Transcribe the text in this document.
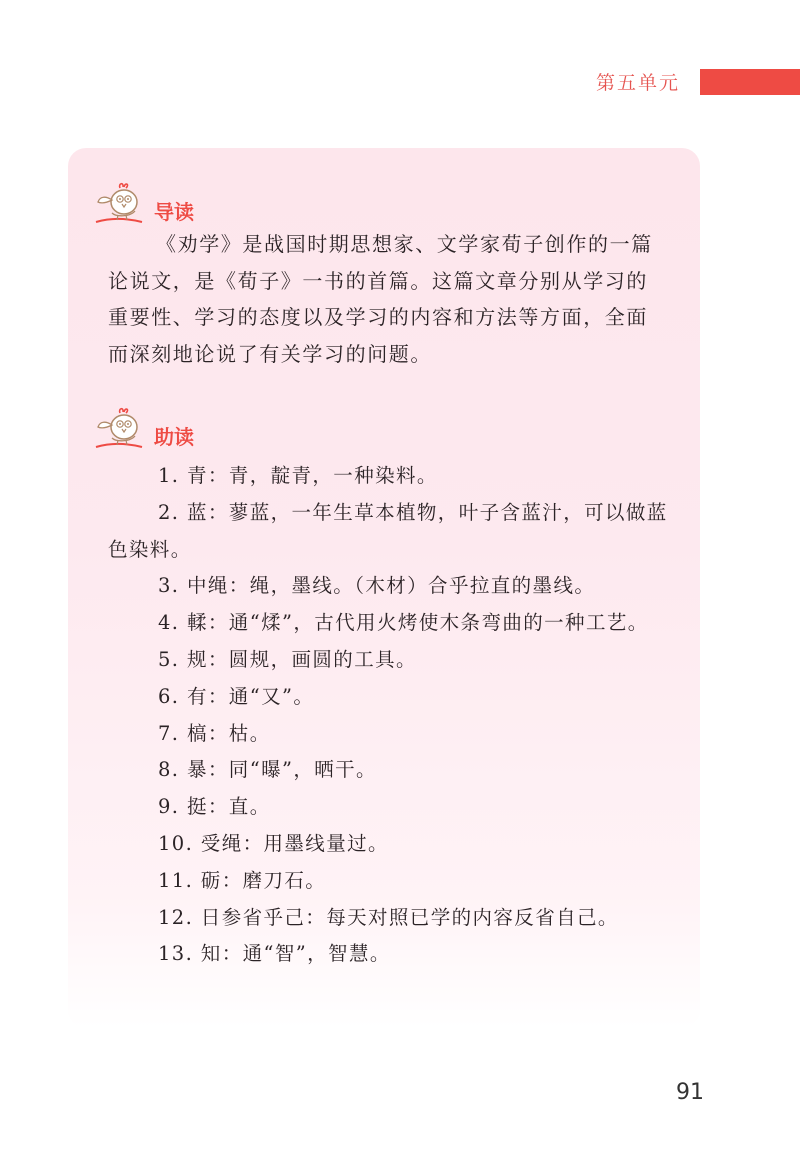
第五单元
导读

《劝学》是战国时期思想家、文学家荀子创作的一篇论说文，是《荀子》一书的首篇。这篇文章分别从学习的重要性、学习的态度以及学习的内容和方法等方面，全面而深刻地论说了有关学习的问题。

助读

1. 青：青，靛青，一种染料。

2. 蓝：蓼蓝，一年生草本植物，叶子含蓝汁，可以做蓝色染料。

3. 中绳：绳，墨线。（木材）合乎拉直的墨线。

4. 輮：通“煣”，古代用火烤使木条弯曲的一种工艺。

5. 规：圆规，画圆的工具。

6. 有：通“又”。

7. 槁：枯。

8. 暴：同“曝”，晒干。

9. 挺：直。

10. 受绳：用墨线量过。

11. 砺：磨刀石。

12. 日参省乎己：每天对照已学的内容反省自己。

13. 知：通“智”，智慧。

91
